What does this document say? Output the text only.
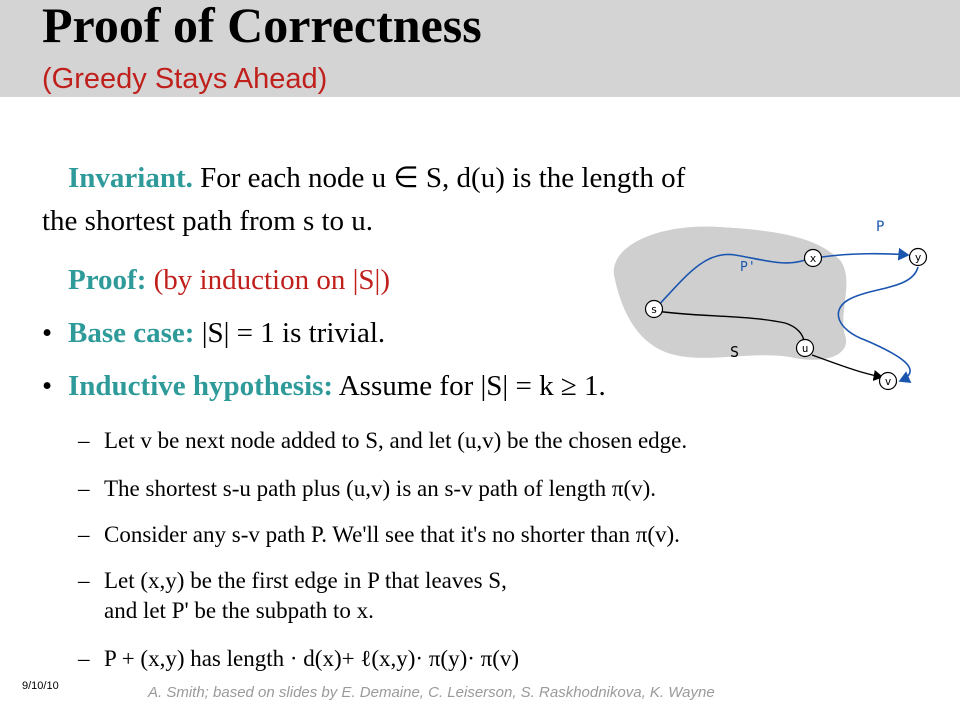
Proof of Correctness
(Greedy Stays Ahead)
Invariant. For each node u ∈ S, d(u) is the length of
the shortest path from s to u.
Proof: (by induction on |S|)
• Base case: |S| = 1 is trivial.
• Inductive hypothesis: Assume for |S| = k ≥ 1.
– Let v be next node added to S, and let (u,v) be the chosen edge.
– The shortest s-u path plus (u,v) is an s-v path of length π(v).
– Consider any s-v path P. We'll see that it's no shorter than π(v).
– Let (x,y) be the first edge in P that leaves S,
and let P' be the subpath to x.
– P + (x,y) has length · d(x)+ ℓ(x,y)· π(y)· π(v)
9/10/10	A. Smith; based on slides by E. Demaine, C. Leiserson, S. Raskhodnikova, K. Wayne
s
x	y
u
v
P
P'
S
